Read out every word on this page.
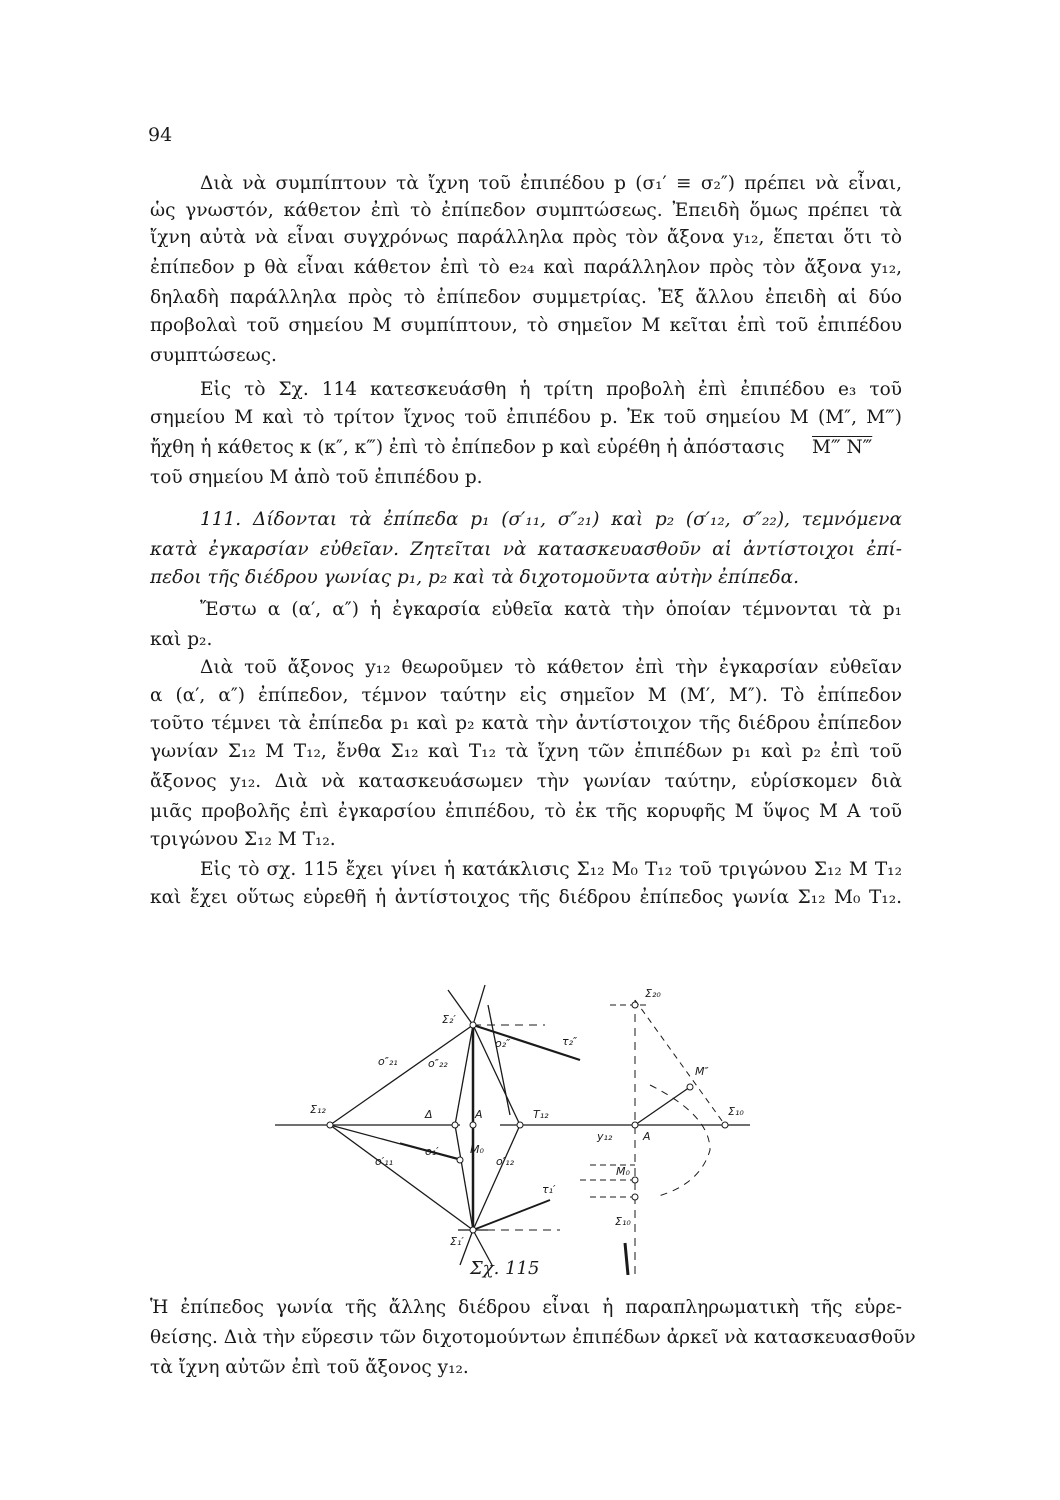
94
Διὰ νὰ συμπίπτουν τὰ ἴχνη τοῦ ἐπιπέδου p (σ₁′ ≡ σ₂″) πρέπει νὰ εἶναι,
ὡς γνωστόν, κάθετον ἐπὶ τὸ ἐπίπεδον συμπτώσεως. Ἐπειδὴ ὅμως πρέπει τὰ
ἴχνη αὐτὰ νὰ εἶναι συγχρόνως παράλληλα πρὸς τὸν ἄξονα y₁₂, ἕπεται ὅτι τὸ
ἐπίπεδον p θὰ εἶναι κάθετον ἐπὶ τὸ e₂₄ καὶ παράλληλον πρὸς τὸν ἄξονα y₁₂,
δηλαδὴ παράλληλα πρὸς τὸ ἐπίπεδον συμμετρίας. Ἐξ ἄλλου ἐπειδὴ αἱ δύο
προβολαὶ τοῦ σημείου M συμπίπτουν, τὸ σημεῖον M κεῖται ἐπὶ τοῦ ἐπιπέδου
συμπτώσεως.
Εἰς τὸ Σχ. 114 κατεσκευάσθη ἡ τρίτη προβολὴ ἐπὶ ἐπιπέδου e₃ τοῦ
σημείου M καὶ τὸ τρίτον ἴχνος τοῦ ἐπιπέδου p. Ἐκ τοῦ σημείου M (M″, M‴)
ἤχθη ἡ κάθετος κ (κ″, κ‴) ἐπὶ τὸ ἐπίπεδον p καὶ εὑρέθη ἡ ἀπόστασις	M‴ N‴
τοῦ σημείου M ἀπὸ τοῦ ἐπιπέδου p.
111. Δίδονται τὰ ἐπίπεδα p₁ (σ′₁₁, σ″₂₁) καὶ p₂ (σ′₁₂, σ″₂₂), τεμνόμενα
κατὰ ἐγκαρσίαν εὐθεῖαν. Ζητεῖται νὰ κατασκευασθοῦν αἱ ἀντίστοιχοι ἐπί-
πεδοι τῆς διέδρου γωνίας p₁, p₂ καὶ τὰ διχοτομοῦντα αὐτὴν ἐπίπεδα.
Ἔστω α (α′, α″) ἡ ἐγκαρσία εὐθεῖα κατὰ τὴν ὁποίαν τέμνονται τὰ p₁
καὶ p₂.
Διὰ τοῦ ἄξονος y₁₂ θεωροῦμεν τὸ κάθετον ἐπὶ τὴν ἐγκαρσίαν εὐθεῖαν
α (α′, α″) ἐπίπεδον, τέμνον ταύτην εἰς σημεῖον M (M′, M″). Τὸ ἐπίπεδον
τοῦτο τέμνει τὰ ἐπίπεδα p₁ καὶ p₂ κατὰ τὴν ἀντίστοιχον τῆς διέδρου ἐπίπεδον
γωνίαν Σ₁₂ M T₁₂, ἔνθα Σ₁₂ καὶ T₁₂ τὰ ἴχνη τῶν ἐπιπέδων p₁ καὶ p₂ ἐπὶ τοῦ
ἄξονος y₁₂. Διὰ νὰ κατασκευάσωμεν τὴν γωνίαν ταύτην, εὑρίσκομεν διὰ
μιᾶς προβολῆς ἐπὶ ἐγκαρσίου ἐπιπέδου, τὸ ἐκ τῆς κορυφῆς M ὕψος M A τοῦ
τριγώνου Σ₁₂ M T₁₂.
Εἰς τὸ σχ. 115 ἔχει γίνει ἡ κατάκλισις Σ₁₂ M₀ T₁₂ τοῦ τριγώνου Σ₁₂ M T₁₂
καὶ ἔχει οὕτως εὑρεθῆ ἡ ἀντίστοιχος τῆς διέδρου ἐπίπεδος γωνία Σ₁₂ M₀ T₁₂.
Σ₂′
τ₂″
o″₂₁	o″₂₂
o₂″
Σ₁₂	Δ	A	T₁₂
o′₁₁
o₁′	M₀
o′₁₂
τ₁′
Σ₁′
Σ₂₀
M″
Σ₁₀
y₁₂	A
M₀
Σ₁₀
Σχ. 115
Ἡ ἐπίπεδος γωνία τῆς ἄλλης διέδρου εἶναι ἡ παραπληρωματικὴ τῆς εὑρε-
θείσης. Διὰ τὴν εὕρεσιν τῶν διχοτομούντων ἐπιπέδων ἀρκεῖ νὰ κατασκευασθοῦν
τὰ ἴχνη αὐτῶν ἐπὶ τοῦ ἄξονος y₁₂.
